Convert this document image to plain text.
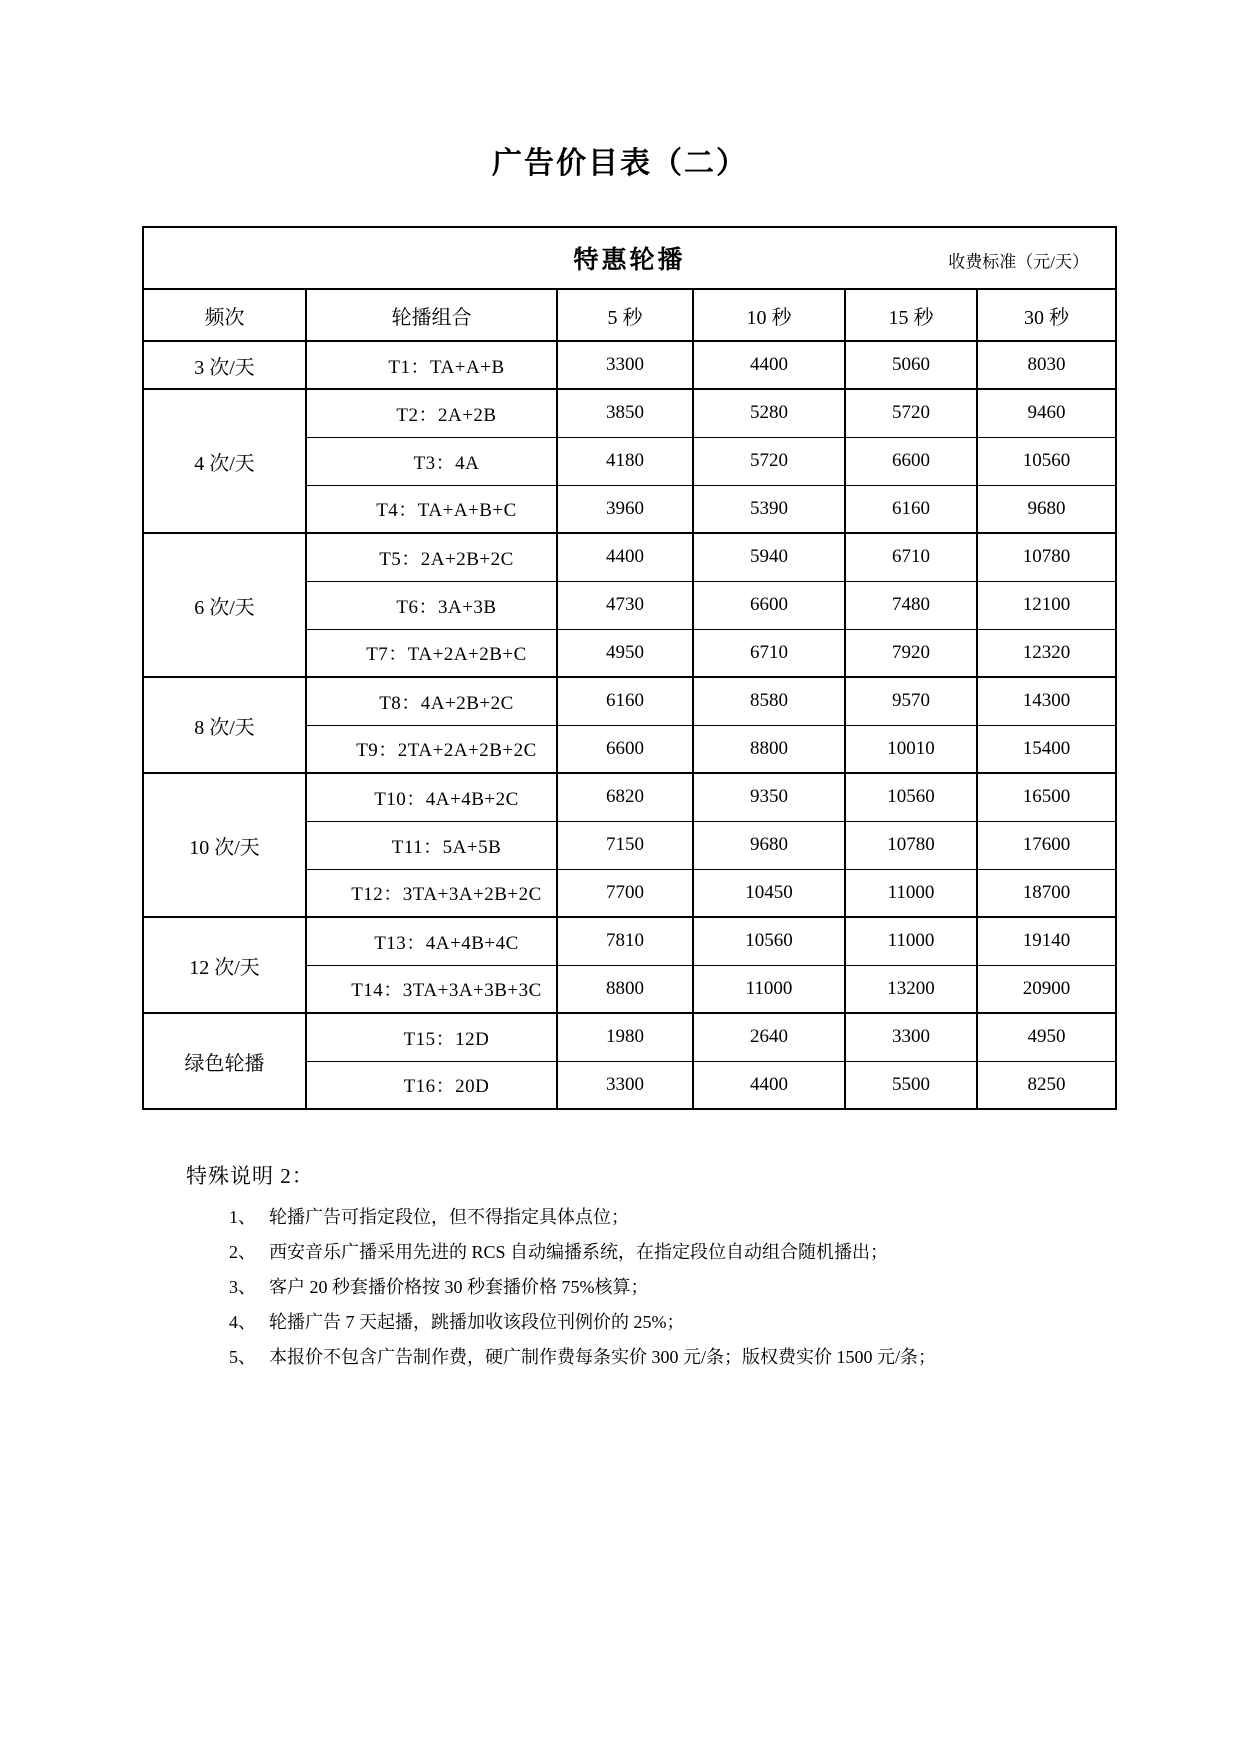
广告价目表（二）
特惠轮播 收费标准（元/天）					

频次	轮播组合	5 秒	10 秒	15 秒	30 秒
3 次/天	T1：TA+A+B	3300	4400	5060	8030
4 次/天	T2：2A+2B	3850	5280	5720	9460
	T3：4A	4180	5720	6600	10560
	T4：TA+A+B+C	3960	5390	6160	9680
6 次/天	T5：2A+2B+2C	4400	5940	6710	10780
	T6：3A+3B	4730	6600	7480	12100
	T7：TA+2A+2B+C	4950	6710	7920	12320
8 次/天	T8：4A+2B+2C	6160	8580	9570	14300
	T9：2TA+2A+2B+2C	6600	8800	10010	15400
10 次/天	T10：4A+4B+2C	6820	9350	10560	16500
	T11：5A+5B	7150	9680	10780	17600
	T12：3TA+3A+2B+2C	7700	10450	11000	18700
12 次/天	T13：4A+4B+4C	7810	10560	11000	19140
	T14：3TA+3A+3B+3C	8800	11000	13200	20900
绿色轮播	T15：12D	1980	2640	3300	4950
	T16：20D	3300	4400	5500	8250
特殊说明 2：
1、 轮播广告可指定段位，但不得指定具体点位；
2、 西安音乐广播采用先进的 RCS 自动编播系统，在指定段位自动组合随机播出；
3、 客户 20 秒套播价格按 30 秒套播价格 75%核算；
4、 轮播广告 7 天起播，跳播加收该段位刊例价的 25%；
5、 本报价不包含广告制作费，硬广制作费每条实价 300 元/条；版权费实价 1500 元/条；
